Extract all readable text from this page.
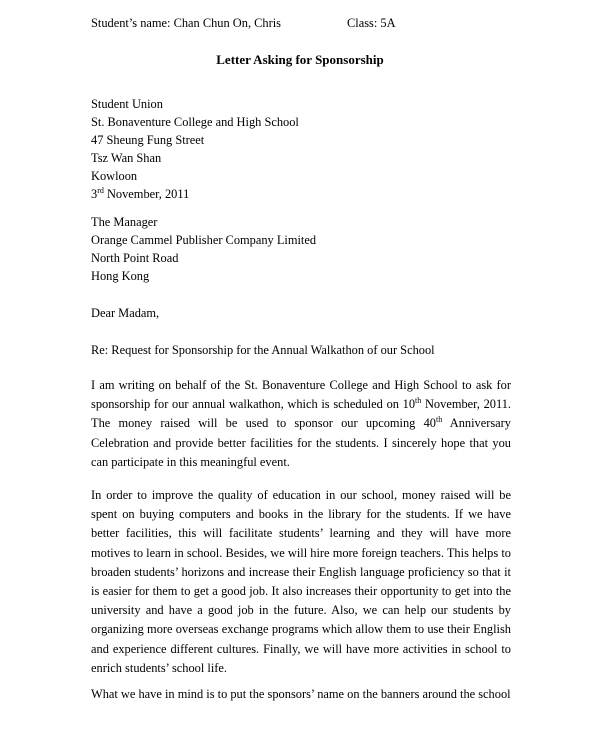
Student’s name: Chan Chun On, Chris	Class: 5A
Letter Asking for Sponsorship
Student Union
St. Bonaventure College and High School
47 Sheung Fung Street
Tsz Wan Shan
Kowloon
3rd November, 2011
The Manager
Orange Cammel Publisher Company Limited
North Point Road
Hong Kong
Dear Madam,
Re: Request for Sponsorship for the Annual Walkathon of our School
I am writing on behalf of the St. Bonaventure College and High School to ask for sponsorship for our annual walkathon, which is scheduled on 10th November, 2011. The money raised will be used to sponsor our upcoming 40th Anniversary Celebration and provide better facilities for the students. I sincerely hope that you can participate in this meaningful event.
In order to improve the quality of education in our school, money raised will be spent on buying computers and books in the library for the students. If we have better facilities, this will facilitate students’ learning and they will have more motives to learn in school. Besides, we will hire more foreign teachers. This helps to broaden students’ horizons and increase their English language proficiency so that it is easier for them to get a good job. It also increases their opportunity to get into the university and have a good job in the future. Also, we can help our students by organizing more overseas exchange programs which allow them to use their English and experience different cultures. Finally, we will have more activities in school to enrich students’ school life.
What we have in mind is to put the sponsors’ name on the banners around the school
